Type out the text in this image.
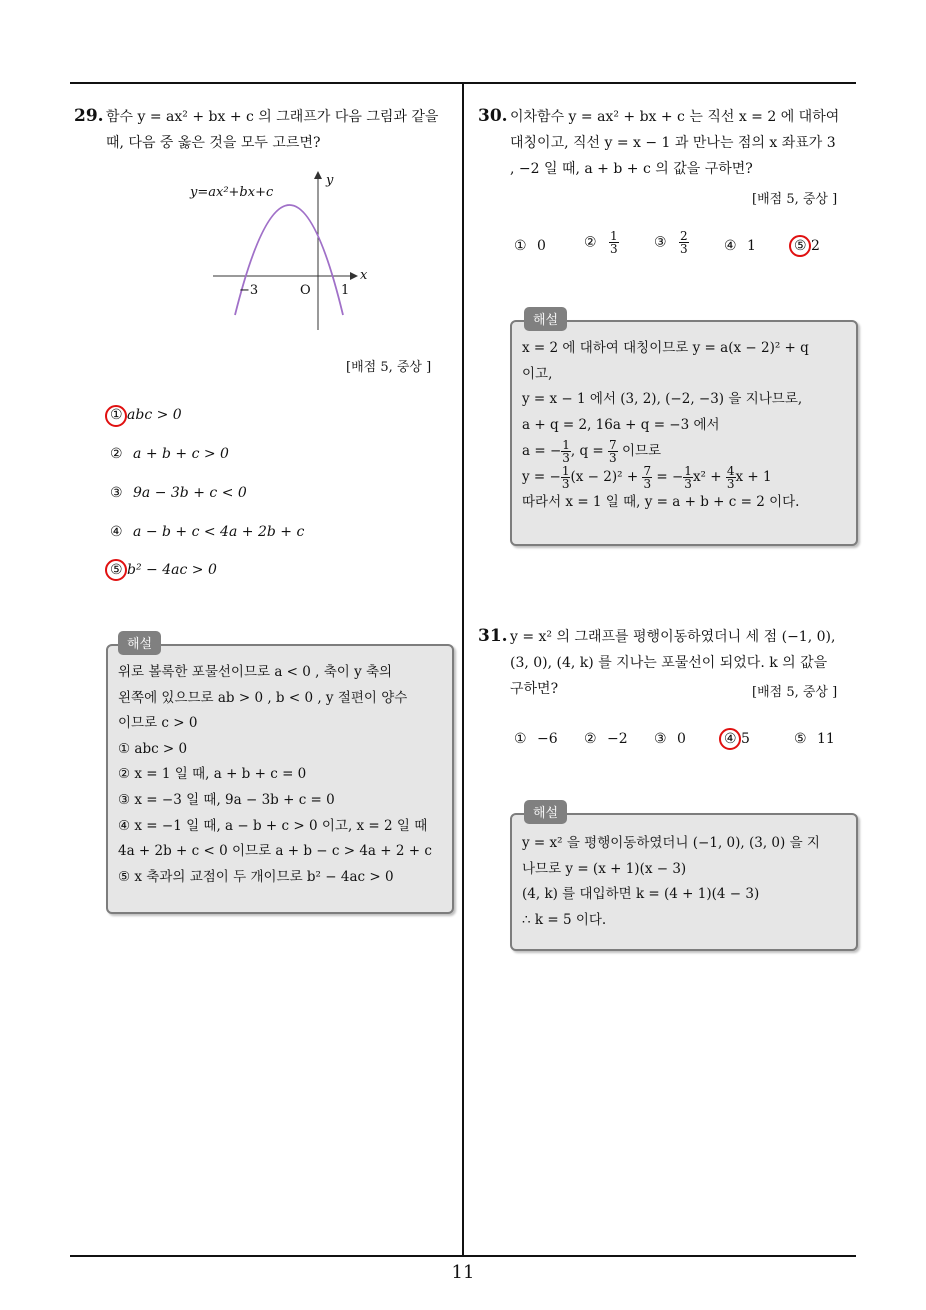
11
29. 함수 y = ax² + bx + c 의 그래프가 다음 그림과 같을
때, 다음 중 옳은 것을 모두 고르면?
y=ax²+bx+c
y
x
−3	O 1
[배점 5, 중상 ]
① abc > 0
② a + b + c > 0
③ 9a − 3b + c < 0
④ a − b + c < 4a + 2b + c
⑤ b² − 4ac > 0
위로 볼록한 포물선이므로 a < 0 , 축이 y 축의
왼쪽에 있으므로 ab > 0 , b < 0 , y 절편이 양수
이므로 c > 0
① abc > 0
② x = 1 일 때, a + b + c = 0
③ x = −3 일 때, 9a − 3b + c = 0
④ x = −1 일 때, a − b + c > 0 이고, x = 2 일 때
4a + 2b + c < 0 이므로 a + b − c > 4a + 2 + c
⑤ x 축과의 교점이 두 개이므로 b² − 4ac > 0
해설
30. 이차함수 y = ax² + bx + c 는 직선 x = 2 에 대하여
대칭이고, 직선 y = x − 1 과 만나는 점의 x 좌표가 3
, −2 일 때, a + b + c 의 값을 구하면?
[배점 5, 중상 ]
① 0	② $\frac{1}{3}$	③ $\frac{2}{3}$	④ 1	⑤ 2
x = 2 에 대하여 대칭이므로 y = a(x − 2)² + q
이고,
y = x − 1 에서 (3, 2), (−2, −3) 을 지나므로,
a + q = 2, 16a + q = −3 에서
a = − $\frac{1}{3}$ , $q = \frac{7}{3}$ 이므로
y = − $\frac{1}{3} (x - 2)^2 + \frac{7}{3}$ = − $\frac{1}{3} x^2 + \frac{4}{3}$ x + 1
따라서 x = 1 일 때, y = a + b + c = 2 이다.
해설
31. y = x² 의 그래프를 평행이동하였더니 세 점 (−1, 0),
(3, 0), (4, k) 를 지나는 포물선이 되었다. k 의 값을
구하면?	[배점 5, 중상 ]
① −6 ② −2 ③ 0	④ 5	⑤ 11
y = x² 을 평행이동하였더니 (−1, 0), (3, 0) 을 지
나므로 y = (x + 1)(x − 3)
(4, k) 를 대입하면 k = (4 + 1)(4 − 3)
∴ k = 5 이다.
해설
